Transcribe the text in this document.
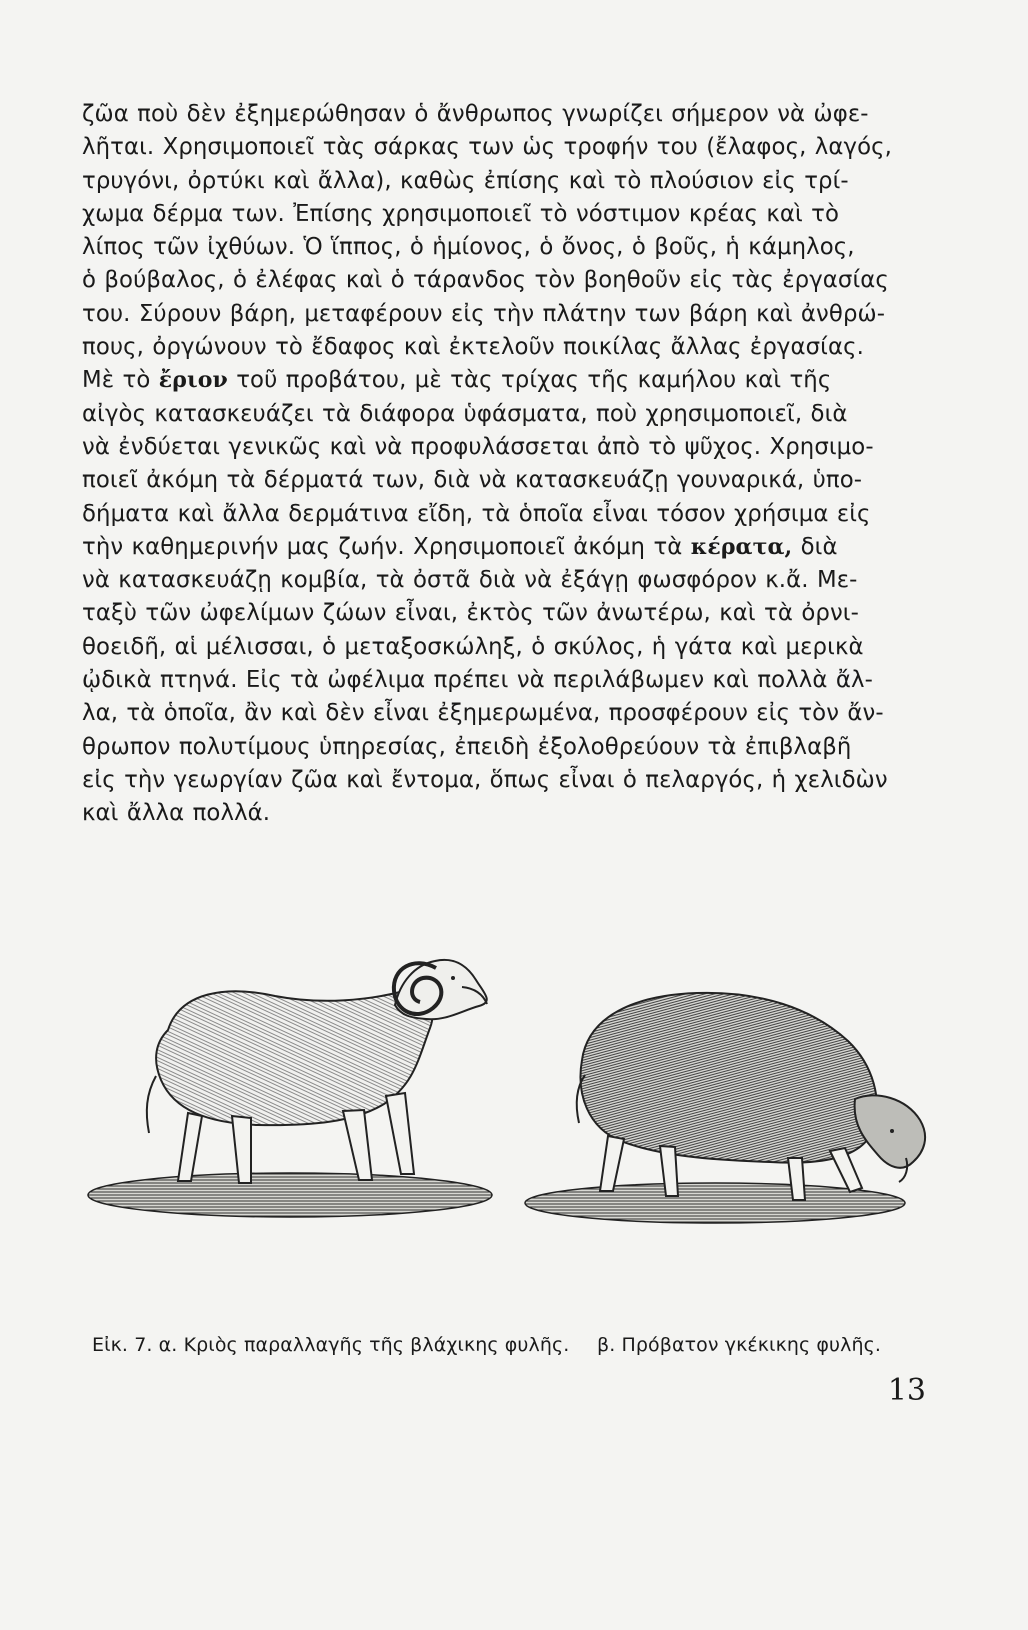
ζῶα ποὺ δὲν ἐξημερώθησαν ὁ ἄνθρωπος γνωρίζει σήμερον νὰ ὠφε-
λῆται. Χρησιμοποιεῖ τὰς σάρκας των ὡς τροφήν του (ἔλαφος, λαγός,
τρυγόνι, ὀρτύκι καὶ ἄλλα), καθὼς ἐπίσης καὶ τὸ πλούσιον εἰς τρί-
χωμα δέρμα των. Ἐπίσης χρησιμοποιεῖ τὸ νόστιμον κρέας καὶ τὸ
λίπος τῶν ἰχθύων. Ὁ ἵππος, ὁ ἡμίονος, ὁ ὄνος, ὁ βοῦς, ἡ κάμηλος,
ὁ βούβαλος, ὁ ἐλέφας καὶ ὁ τάρανδος τὸν βοηθοῦν εἰς τὰς ἐργασίας
του. Σύρουν βάρη, μεταφέρουν εἰς τὴν πλάτην των βάρη καὶ ἀνθρώ-
πους, ὀργώνουν τὸ ἔδαφος καὶ ἐκτελοῦν ποικίλας ἄλλας ἐργασίας.
Μὲ τὸ ἔριον τοῦ προβάτου, μὲ τὰς τρίχας τῆς καμήλου καὶ τῆς
αἰγὸς κατασκευάζει τὰ διάφορα ὑφάσματα, ποὺ χρησιμοποιεῖ, διὰ
νὰ ἐνδύεται γενικῶς καὶ νὰ προφυλάσσεται ἀπὸ τὸ ψῦχος. Χρησιμο-
ποιεῖ ἀκόμη τὰ δέρματά των, διὰ νὰ κατασκευάζῃ γουναρικά, ὑπο-
δήματα καὶ ἄλλα δερμάτινα εἴδη, τὰ ὁποῖα εἶναι τόσον χρήσιμα εἰς
τὴν καθημερινήν μας ζωήν. Χρησιμοποιεῖ ἀκόμη τὰ κέρατα, διὰ
νὰ κατασκευάζῃ κομβία, τὰ ὀστᾶ διὰ νὰ ἐξάγῃ φωσφόρον κ.ἄ. Με-
ταξὺ τῶν ὠφελίμων ζώων εἶναι, ἐκτὸς τῶν ἀνωτέρω, καὶ τὰ ὀρνι-
θοειδῆ, αἱ μέλισσαι, ὁ μεταξοσκώληξ, ὁ σκύλος, ἡ γάτα καὶ μερικὰ
ᾠδικὰ πτηνά. Εἰς τὰ ὠφέλιμα πρέπει νὰ περιλάβωμεν καὶ πολλὰ ἄλ-
λα, τὰ ὁποῖα, ἂν καὶ δὲν εἶναι ἐξημερωμένα, προσφέρουν εἰς τὸν ἄν-
θρωπον πολυτίμους ὑπηρεσίας, ἐπειδὴ ἐξολοθρεύουν τὰ ἐπιβλαβῆ
εἰς τὴν γεωργίαν ζῶα καὶ ἔντομα, ὅπως εἶναι ὁ πελαργός, ἡ χελιδὼν
καὶ ἄλλα πολλά.
Εἰκ. 7. α. Κριὸς παραλλαγῆς τῆς βλάχικης φυλῆς. β. Πρόβατον γκέκικης φυλῆς.
13
